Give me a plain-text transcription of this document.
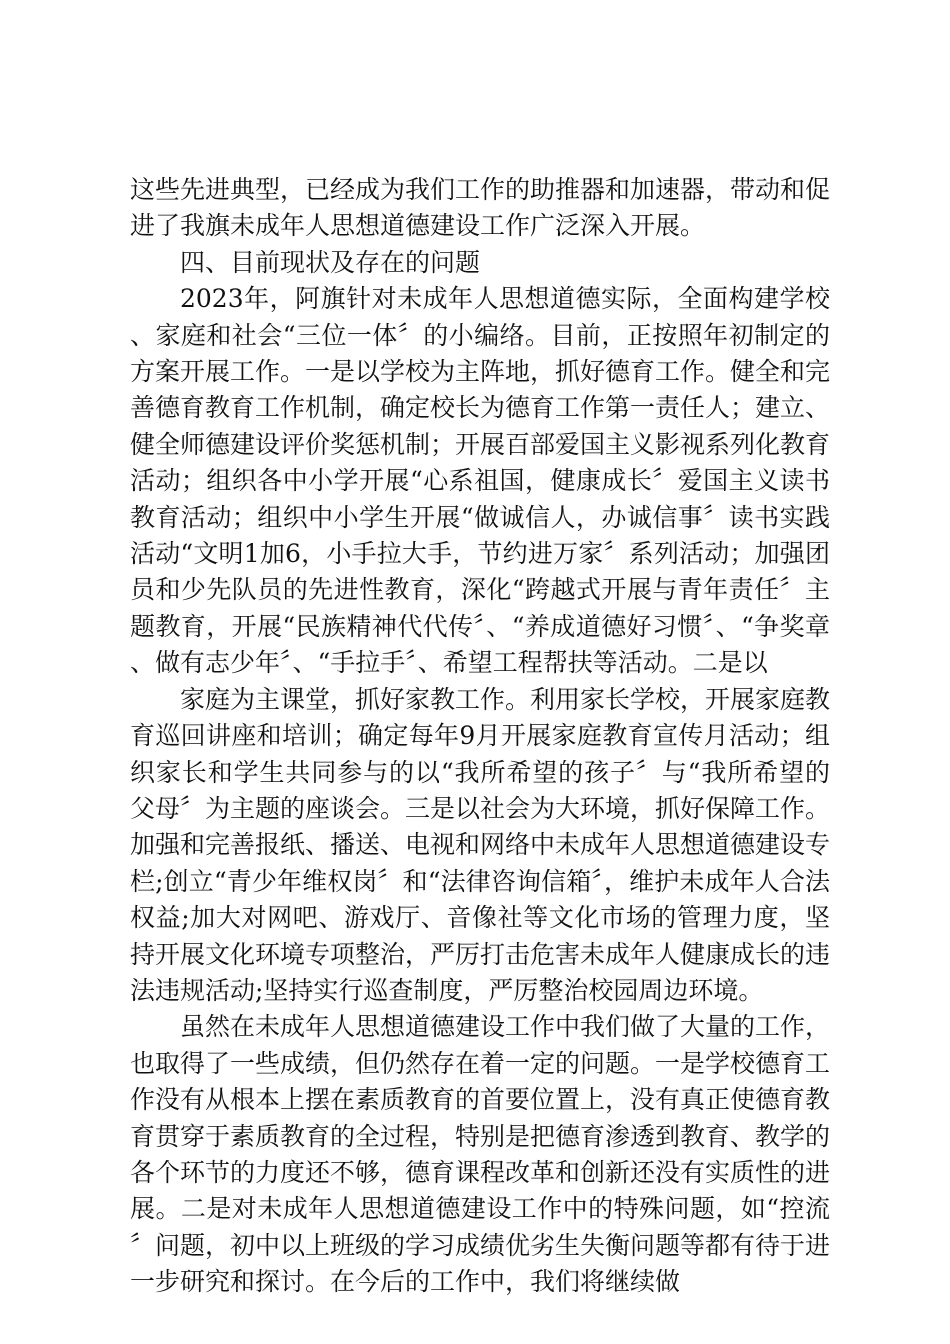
这些先进典型，已经成为我们工作的助推器和加速器，带动和促进了我旗未成年人思想道德建设工作广泛深入开展。

四、目前现状及存在的问题

2023年，阿旗针对未成年人思想道德实际，全面构建学校、家庭和社会“三位一体〞的小编络。目前，正按照年初制定的方案开展工作。一是以学校为主阵地，抓好德育工作。健全和完善德育教育工作机制，确定校长为德育工作第一责任人；建立、健全师德建设评价奖惩机制；开展百部爱国主义影视系列化教育活动；组织各中小学开展“心系祖国，健康成长〞爱国主义读书教育活动；组织中小学生开展“做诚信人，办诚信事〞读书实践活动“文明1加6，小手拉大手，节约进万家〞系列活动；加强团员和少先队员的先进性教育，深化“跨越式开展与青年责任〞主题教育，开展“民族精神代代传〞、“养成道德好习惯〞、“争奖章、做有志少年〞、“手拉手〞、希望工程帮扶等活动。二是以

家庭为主课堂，抓好家教工作。利用家长学校，开展家庭教育巡回讲座和培训；确定每年9月开展家庭教育宣传月活动；组织家长和学生共同参与的以“我所希望的孩子〞与“我所希望的父母〞为主题的座谈会。三是以社会为大环境，抓好保障工作。加强和完善报纸、播送、电视和网络中未成年人思想道德建设专栏;创立“青少年维权岗〞和“法律咨询信箱〞，维护未成年人合法权益;加大对网吧、游戏厅、音像社等文化市场的管理力度，坚持开展文化环境专项整治，严厉打击危害未成年人健康成长的违法违规活动;坚持实行巡查制度，严厉整治校园周边环境。

虽然在未成年人思想道德建设工作中我们做了大量的工作，也取得了一些成绩，但仍然存在着一定的问题。一是学校德育工作没有从根本上摆在素质教育的首要位置上，没有真正使德育教育贯穿于素质教育的全过程，特别是把德育渗透到教育、教学的各个环节的力度还不够，德育课程改革和创新还没有实质性的进展。二是对未成年人思想道德建设工作中的特殊问题，如“控流〞问题，初中以上班级的学习成绩优劣生失衡问题等都有待于进一步研究和探讨。在今后的工作中，我们将继续做
